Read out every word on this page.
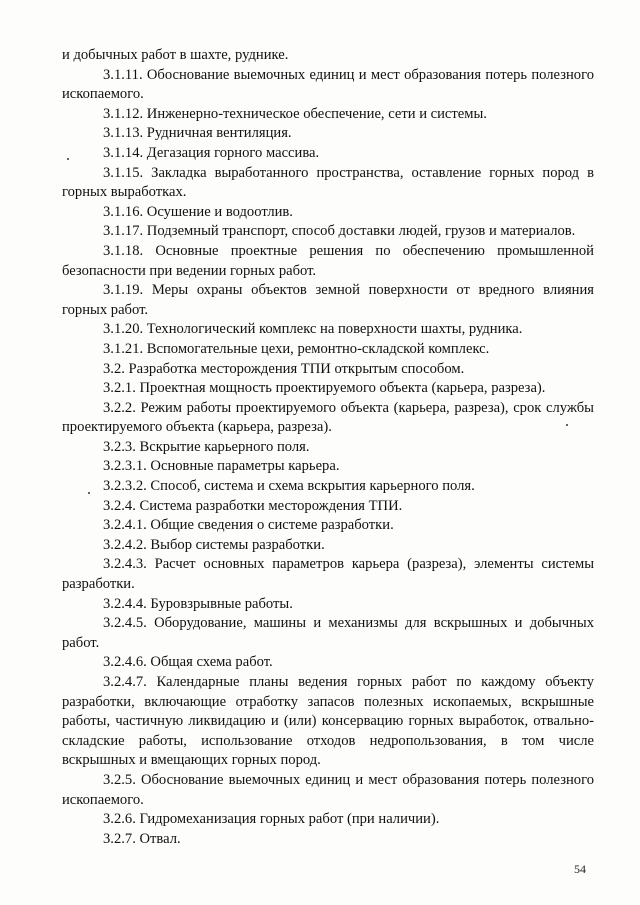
и добычных работ в шахте, руднике.

3.1.11. Обоснование выемочных единиц и мест образования потерь полезного ископаемого.

3.1.12. Инженерно-техническое обеспечение, сети и системы.

3.1.13. Рудничная вентиляция.

3.1.14. Дегазация горного массива.

3.1.15. Закладка выработанного пространства, оставление горных пород в горных выработках.

3.1.16. Осушение и водоотлив.

3.1.17. Подземный транспорт, способ доставки людей, грузов и материалов.

3.1.18. Основные проектные решения по обеспечению промышленной безопасности при ведении горных работ.

3.1.19. Меры охраны объектов земной поверхности от вредного влияния горных работ.

3.1.20. Технологический комплекс на поверхности шахты, рудника.

3.1.21. Вспомогательные цехи, ремонтно-складской комплекс.

3.2. Разработка месторождения ТПИ открытым способом.

3.2.1. Проектная мощность проектируемого объекта (карьера, разреза).

3.2.2. Режим работы проектируемого объекта (карьера, разреза), срок службы проектируемого объекта (карьера, разреза).

3.2.3. Вскрытие карьерного поля.

3.2.3.1. Основные параметры карьера.

3.2.3.2. Способ, система и схема вскрытия карьерного поля.

3.2.4. Система разработки месторождения ТПИ.

3.2.4.1. Общие сведения о системе разработки.

3.2.4.2. Выбор системы разработки.

3.2.4.3. Расчет основных параметров карьера (разреза), элементы системы разработки.

3.2.4.4. Буровзрывные работы.

3.2.4.5. Оборудование, машины и механизмы для вскрышных и добычных работ.

3.2.4.6. Общая схема работ.

3.2.4.7. Календарные планы ведения горных работ по каждому объекту разработки, включающие отработку запасов полезных ископаемых, вскрышные работы, частичную ликвидацию и (или) консервацию горных выработок, отвально-складские работы, использование отходов недропользования, в том числе вскрышных и вмещающих горных пород.

3.2.5. Обоснование выемочных единиц и мест образования потерь полезного ископаемого.

3.2.6. Гидромеханизация горных работ (при наличии).

3.2.7. Отвал.

54
